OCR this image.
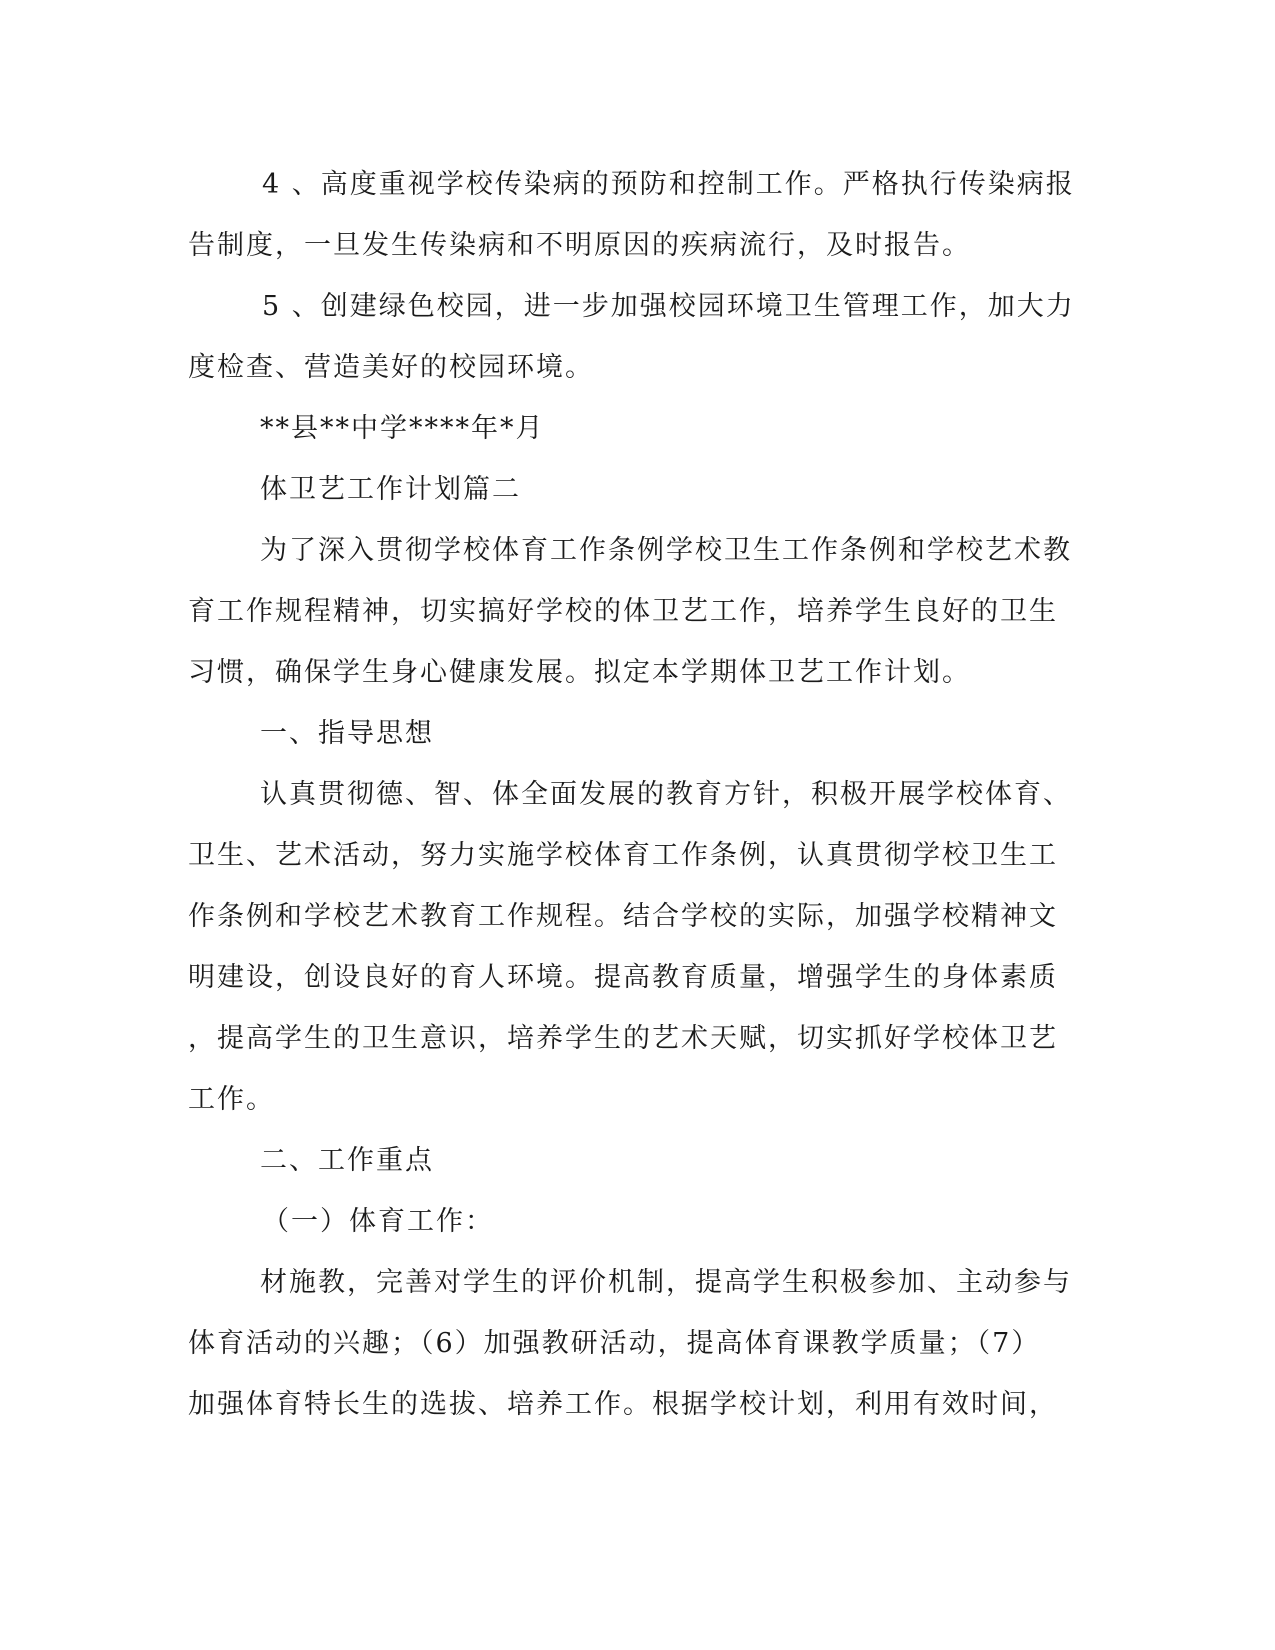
4 、高度重视学校传染病的预防和控制工作。严格执行传染病报
告制度，一旦发生传染病和不明原因的疾病流行，及时报告。
5 、创建绿色校园，进一步加强校园环境卫生管理工作，加大力
度检查、营造美好的校园环境。
**县**中学****年*月
体卫艺工作计划篇二
为了深入贯彻学校体育工作条例学校卫生工作条例和学校艺术教
育工作规程精神，切实搞好学校的体卫艺工作，培养学生良好的卫生
习惯，确保学生身心健康发展。拟定本学期体卫艺工作计划。
一、指导思想
认真贯彻德、智、体全面发展的教育方针，积极开展学校体育、
卫生、艺术活动，努力实施学校体育工作条例，认真贯彻学校卫生工
作条例和学校艺术教育工作规程。结合学校的实际，加强学校精神文
明建设，创设良好的育人环境。提高教育质量，增强学生的身体素质
，提高学生的卫生意识，培养学生的艺术天赋，切实抓好学校体卫艺
工作。
二、工作重点
（一）体育工作：
材施教，完善对学生的评价机制，提高学生积极参加、主动参与
体育活动的兴趣；（6）加强教研活动，提高体育课教学质量；（7）
加强体育特长生的选拔、培养工作。根据学校计划，利用有效时间，
